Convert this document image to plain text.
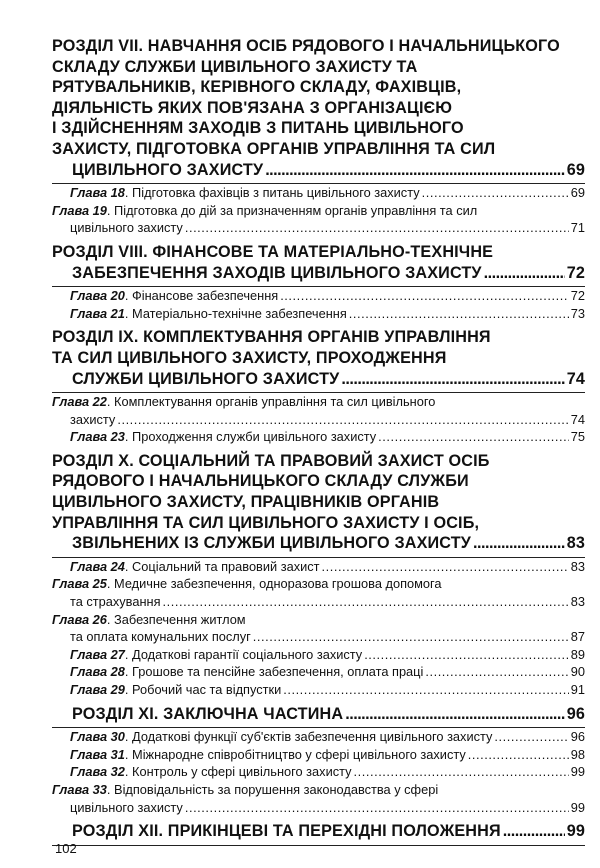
РОЗДІЛ VII. НАВЧАННЯ ОСІБ РЯДОВОГО І НАЧАЛЬНИЦЬКОГО
СКЛАДУ СЛУЖБИ ЦИВІЛЬНОГО ЗАХИСТУ ТА
РЯТУВАЛЬНИКІВ, КЕРІВНОГО СКЛАДУ, ФАХІВЦІВ,
ДІЯЛЬНІСТЬ ЯКИХ ПОВ'ЯЗАНА З ОРГАНІЗАЦІЄЮ
І ЗДІЙСНЕННЯМ ЗАХОДІВ З ПИТАНЬ ЦИВІЛЬНОГО
ЗАХИСТУ, ПІДГОТОВКА ОРГАНІВ УПРАВЛІННЯ ТА СИЛ
ЦИВІЛЬНОГО ЗАХИСТУ . . .	69
Глава 18. Підготовка фахівців з питань цивільного захисту . . .	69
Глава 19. Підготовка до дій за призначенням органів управління та сил
цивільного захисту . . .	71
РОЗДІЛ VIII. ФІНАНСОВЕ ТА МАТЕРІАЛЬНО-ТЕХНІЧНЕ
ЗАБЕЗПЕЧЕННЯ ЗАХОДІВ ЦИВІЛЬНОГО ЗАХИСТУ . . .	72
Глава 20. Фінансове забезпечення . . .	72
Глава 21. Матеріально-технічне забезпечення . . .	73
РОЗДІЛ IX. КОМПЛЕКТУВАННЯ ОРГАНІВ УПРАВЛІННЯ
ТА СИЛ ЦИВІЛЬНОГО ЗАХИСТУ, ПРОХОДЖЕННЯ
СЛУЖБИ ЦИВІЛЬНОГО ЗАХИСТУ . . .	74
Глава 22. Комплектування органів управління та сил цивільного
захисту . . .	74
Глава 23. Проходження служби цивільного захисту . . .	75
РОЗДІЛ X. СОЦІАЛЬНИЙ ТА ПРАВОВИЙ ЗАХИСТ ОСІБ
РЯДОВОГО І НАЧАЛЬНИЦЬКОГО СКЛАДУ СЛУЖБИ
ЦИВІЛЬНОГО ЗАХИСТУ, ПРАЦІВНИКІВ ОРГАНІВ
УПРАВЛІННЯ ТА СИЛ ЦИВІЛЬНОГО ЗАХИСТУ І ОСІБ,
ЗВІЛЬНЕНИХ ІЗ СЛУЖБИ ЦИВІЛЬНОГО ЗАХИСТУ . . .	83
Глава 24. Соціальний та правовий захист . . .	83
Глава 25. Медичне забезпечення, одноразова грошова допомога
та страхування . . .	83
Глава 26. Забезпечення житлом
та оплата комунальних послуг . . .	87
Глава 27. Додаткові гарантії соціального захисту . . .	89
Глава 28. Грошове та пенсійне забезпечення, оплата праці . . .	90
Глава 29. Робочий час та відпустки . . .	91
РОЗДІЛ XI. ЗАКЛЮЧНА ЧАСТИНА . . .	96
Глава 30. Додаткові функції суб'єктів забезпечення цивільного захисту . . .	96
Глава 31. Міжнародне співробітництво у сфері цивільного захисту . . .	98
Глава 32. Контроль у сфері цивільного захисту . . .	99
Глава 33. Відповідальність за порушення законодавства у сфері
цивільного захисту . . .	99
РОЗДІЛ XII. ПРИКІНЦЕВІ ТА ПЕРЕХІДНІ ПОЛОЖЕННЯ . . .	99
102
